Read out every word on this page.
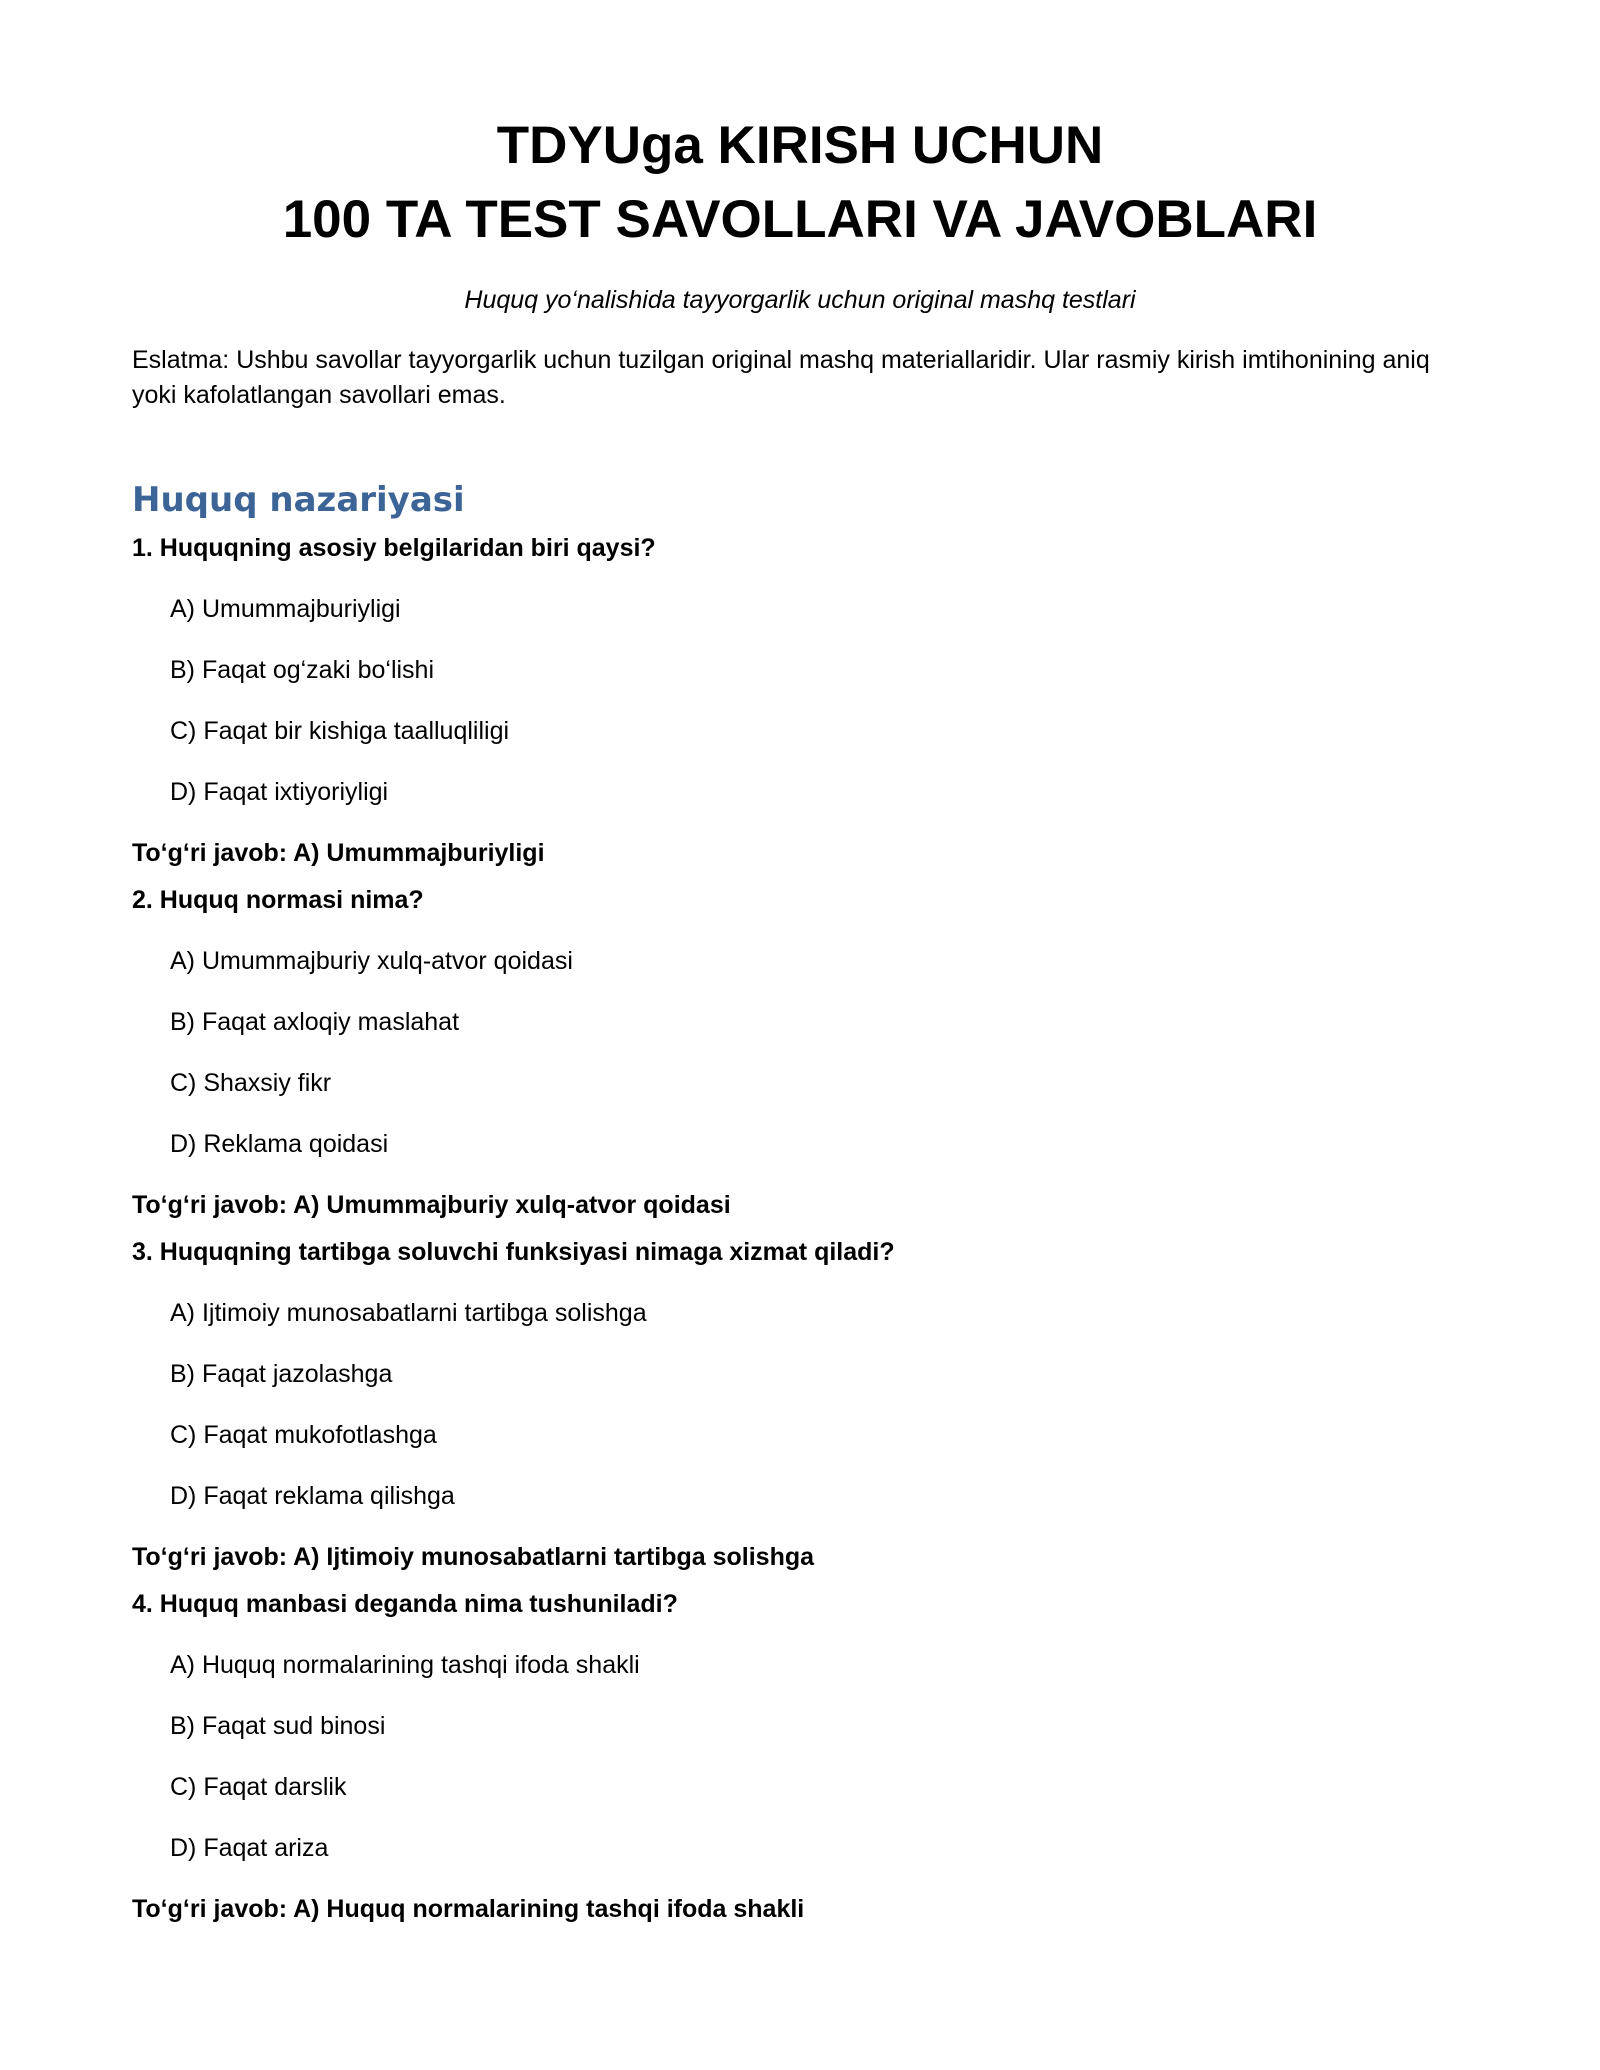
TDYUga KIRISH UCHUN
100 TA TEST SAVOLLARI VA JAVOBLARI
Huquq yo‘nalishida tayyorgarlik uchun original mashq testlari
Eslatma: Ushbu savollar tayyorgarlik uchun tuzilgan original mashq materiallaridir. Ular rasmiy kirish imtihonining aniq yoki kafolatlangan savollari emas.
Huquq nazariyasi
1. Huquqning asosiy belgilaridan biri qaysi?
A) Umummajburiyligi
B) Faqat og‘zaki bo‘lishi
C) Faqat bir kishiga taalluqliligi
D) Faqat ixtiyoriyligi
To‘g‘ri javob: A) Umummajburiyligi
2. Huquq normasi nima?
A) Umummajburiy xulq-atvor qoidasi
B) Faqat axloqiy maslahat
C) Shaxsiy fikr
D) Reklama qoidasi
To‘g‘ri javob: A) Umummajburiy xulq-atvor qoidasi
3. Huquqning tartibga soluvchi funksiyasi nimaga xizmat qiladi?
A) Ijtimoiy munosabatlarni tartibga solishga
B) Faqat jazolashga
C) Faqat mukofotlashga
D) Faqat reklama qilishga
To‘g‘ri javob: A) Ijtimoiy munosabatlarni tartibga solishga
4. Huquq manbasi deganda nima tushuniladi?
A) Huquq normalarining tashqi ifoda shakli
B) Faqat sud binosi
C) Faqat darslik
D) Faqat ariza
To‘g‘ri javob: A) Huquq normalarining tashqi ifoda shakli
